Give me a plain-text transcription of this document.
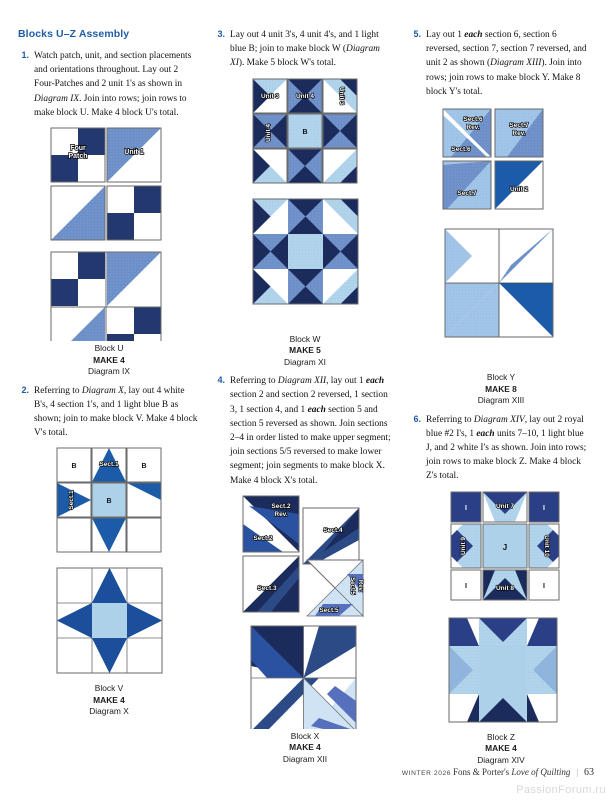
Blocks U–Z Assembly
1. Watch patch, unit, and section placements and orientations throughout. Lay out 2 Four-Patches and 2 unit 1's as shown in Diagram IX. Join into rows; join rows to make block U. Make 4 block U's total.
Four
Patch
Unit 1
Block U
MAKE 4
Diagram IX
2. Referring to Diagram X, lay out 4 white B's, 4 section 1's, and 1 light blue B as shown; join to make block V. Make 4 block V's total.
B	Sect.1	B
Sect.1	B
Block V
MAKE 4
Diagram X
3. Lay out 4 unit 3's, 4 unit 4's, and 1 light blue B; join to make block W (Diagram XI). Make 5 block W's total.
Unit 3	Unit 4	Unit 3
Unit 4	B
Block W
MAKE 5
Diagram XI
4. Referring to Diagram XII, lay out 1 each section 2 and section 2 reversed, 1 section 3, 1 section 4, and 1 each section 5 and section 5 reversed as shown. Join sections 2–4 in order listed to make upper segment; join sections 5/5 reversed to make lower segment; join segments to make block X. Make 4 block X's total.
Sect.2
Rev.
Sect.2
Sect.4
Sect.3	Sect.5 Rev.
Sect.5
Block X
MAKE 4
Diagram XII
5. Lay out 1 each section 6, section 6 reversed, section 7, section 7 reversed, and unit 2 as shown (Diagram XIII). Join into rows; join rows to make block Y. Make 8 block Y's total.
Sect.6
Rev.
Sect.6
Sect.7
Rev.
Sect.7
Unit 2
Block Y
MAKE 8
Diagram XIII
6. Referring to Diagram XIV, lay out 2 royal blue #2 I's, 1 each units 7–10, 1 light blue J, and 2 white I's as shown. Join into rows; join rows to make block Z. Make 4 block Z's total.
I	Unit 7	I
Unit 9	J	Unit 10
I	Unit 8	I
Block Z
MAKE 4
Diagram XIV
WINTER 2026 Fons & Porter's Love of Quilting | 63
PassionForum.ru
